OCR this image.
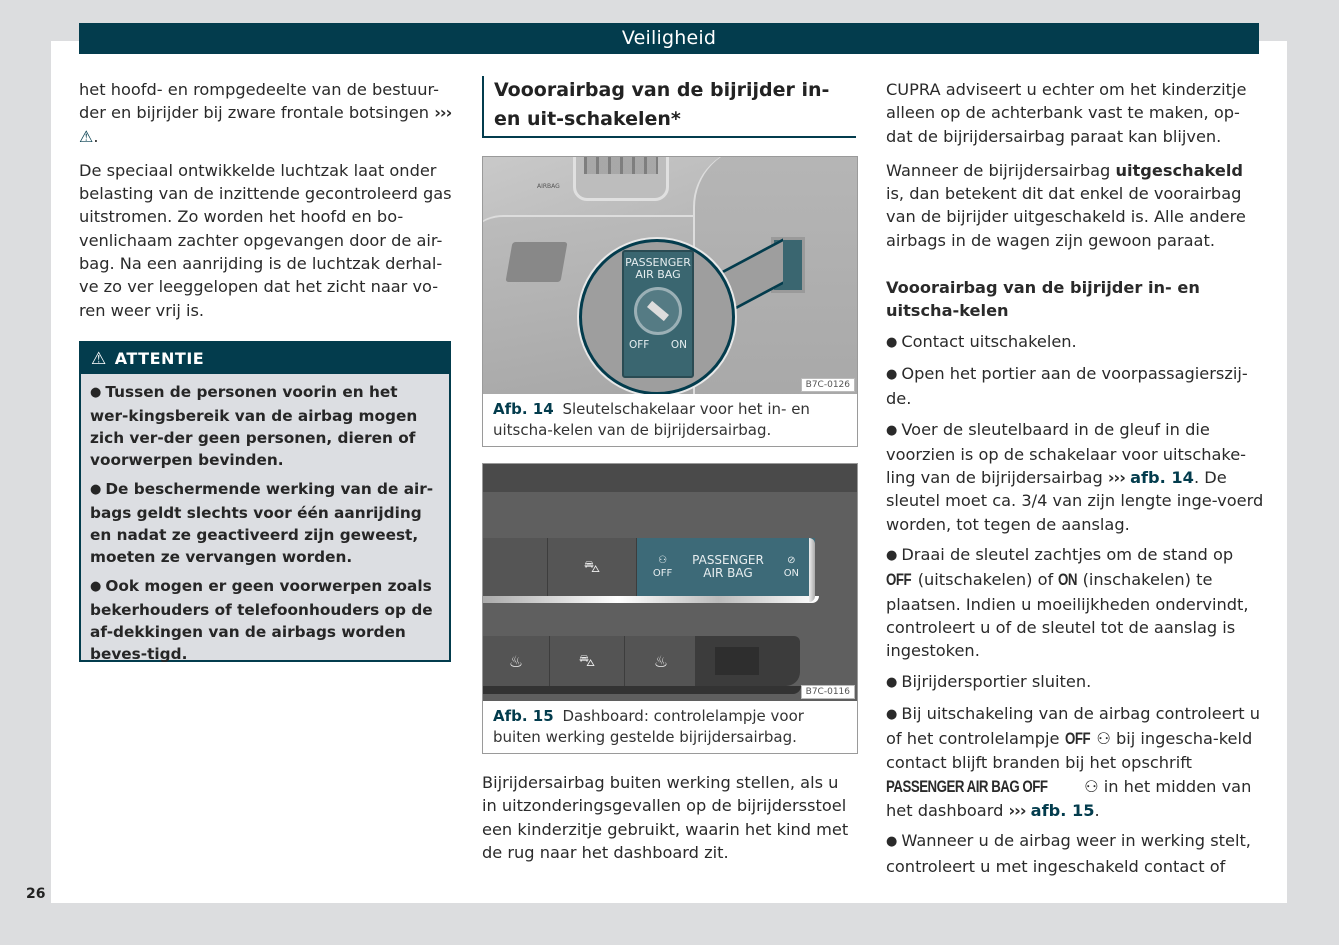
Veiligheid

het hoofd- en rompgedeelte van de bestuur-der en bijrijder bij zware frontale botsingen ››› ⚠.

De speciaal ontwikkelde luchtzak laat onder belasting van de inzittende gecontroleerd gas uitstromen. Zo worden het hoofd en bo-venlichaam zachter opgevangen door de air-bag. Na een aanrijding is de luchtzak derhal-ve zo ver leeggelopen dat het zicht naar vo-ren weer vrij is.

⚠ ATTENTIE

● Tussen de personen voorin en het wer-kingsbereik van de airbag mogen zich ver-der geen personen, dieren of voorwerpen bevinden.

● De beschermende werking van de air-bags geldt slechts voor één aanrijding en nadat ze geactiveerd zijn geweest, moeten ze vervangen worden.

● Ook mogen er geen voorwerpen zoals bekerhouders of telefoonhouders op de af-dekkingen van de airbags worden beves-tigd.

Vooorairbag van de bijrijder in- en uit-schakelen*
AIRBAG
PASSENGER
AIR BAG
OFF ON
B7C-0126
Afb. 14 Sleutelschakelaar voor het in- en uitscha-kelen van de bijrijdersairbag.
⛍	⚇
OFF
PASSENGER
AIR BAG
⊘
ON
♨	⛍	♨
B7C-0116
Afb. 15 Dashboard: controlelampje voor buiten werking gestelde bijrijdersairbag.

Bijrijdersairbag buiten werking stellen, als u in uitzonderingsgevallen op de bijrijdersstoel een kinderzitje gebruikt, waarin het kind met de rug naar het dashboard zit.

CUPRA adviseert u echter om het kinderzitje alleen op de achterbank vast te maken, op-dat de bijrijdersairbag paraat kan blijven.

Wanneer de bijrijdersairbag uitgeschakeld is, dan betekent dit dat enkel de voorairbag van de bijrijder uitgeschakeld is. Alle andere airbags in de wagen zijn gewoon paraat.

Vooorairbag van de bijrijder in- en uitscha-kelen

● Contact uitschakelen.

● Open het portier aan de voorpassagierszij-de.

● Voer de sleutelbaard in de gleuf in die voorzien is op de schakelaar voor uitschake-ling van de bijrijdersairbag ››› afb. 14. De sleutel moet ca. 3/4 van zijn lengte inge-voerd worden, tot tegen de aanslag.

● Draai de sleutel zachtjes om de stand op OFF (uitschakelen) of ON (inschakelen) te plaatsen. Indien u moeilijkheden ondervindt, controleert u of de sleutel tot de aanslag is ingestoken.

● Bijrijdersportier sluiten.

● Bij uitschakeling van de airbag controleert u of het controlelampje OFF ⚇ bij ingescha-keld contact blijft branden bij het opschrift PASSENGER AIR BAG OFF ⚇ in het midden van het dashboard ››› afb. 15.

● Wanneer u de airbag weer in werking stelt, controleert u met ingeschakeld contact of

26
